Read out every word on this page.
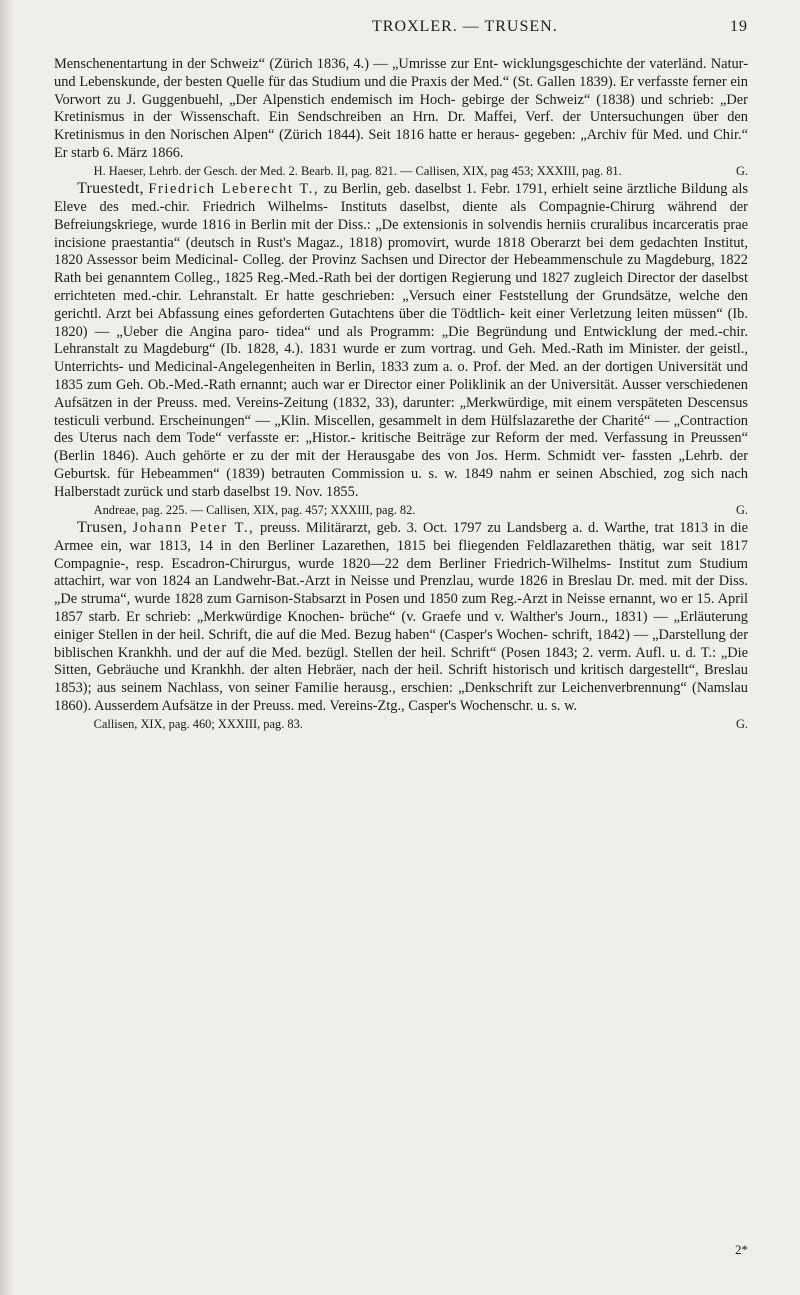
TROXLER. — TRUSEN.	19

Menschenentartung in der Schweiz“ (Zürich 1836, 4.) — „Umrisse zur Ent- wicklungsgeschichte der vaterländ. Natur- und Lebenskunde, der besten Quelle für das Studium und die Praxis der Med.“ (St. Gallen 1839). Er verfasste ferner ein Vorwort zu J. Guggenbuehl, „Der Alpenstich endemisch im Hoch- gebirge der Schweiz“ (1838) und schrieb: „Der Kretinismus in der Wissenschaft. Ein Sendschreiben an Hrn. Dr. Maffei, Verf. der Untersuchungen über den Kretinismus in den Norischen Alpen“ (Zürich 1844). Seit 1816 hatte er heraus- gegeben: „Archiv für Med. und Chir.“ Er starb 6. März 1866.

H. Haeser, Lehrb. der Gesch. der Med. 2. Bearb. II, pag. 821. — Callisen, XIX, pag 453; XXXIII, pag. 81.	G.

Truestedt, Friedrich Leberecht T., zu Berlin, geb. daselbst 1. Febr. 1791, erhielt seine ärztliche Bildung als Eleve des med.-chir. Friedrich Wilhelms- Instituts daselbst, diente als Compagnie-Chirurg während der Befreiungskriege, wurde 1816 in Berlin mit der Diss.: „De extensionis in solvendis herniis cruralibus incarceratis prae incisione praestantia“ (deutsch in Rust's Magaz., 1818) promovirt, wurde 1818 Oberarzt bei dem gedachten Institut, 1820 Assessor beim Medicinal- Colleg. der Provinz Sachsen und Director der Hebeammenschule zu Magdeburg, 1822 Rath bei genanntem Colleg., 1825 Reg.-Med.-Rath bei der dortigen Regierung und 1827 zugleich Director der daselbst errichteten med.-chir. Lehranstalt. Er hatte geschrieben: „Versuch einer Feststellung der Grundsätze, welche den gerichtl. Arzt bei Abfassung eines geforderten Gutachtens über die Tödtlich- keit einer Verletzung leiten müssen“ (Ib. 1820) — „Ueber die Angina paro- tidea“ und als Programm: „Die Begründung und Entwicklung der med.-chir. Lehranstalt zu Magdeburg“ (Ib. 1828, 4.). 1831 wurde er zum vortrag. und Geh. Med.-Rath im Minister. der geistl., Unterrichts- und Medicinal-Angelegenheiten in Berlin, 1833 zum a. o. Prof. der Med. an der dortigen Universität und 1835 zum Geh. Ob.-Med.-Rath ernannt; auch war er Director einer Poliklinik an der Universität. Ausser verschiedenen Aufsätzen in der Preuss. med. Vereins-Zeitung (1832, 33), darunter: „Merkwürdige, mit einem verspäteten Descensus testiculi verbund. Erscheinungen“ — „Klin. Miscellen, gesammelt in dem Hülfslazarethe der Charité“ — „Contraction des Uterus nach dem Tode“ verfasste er: „Histor.- kritische Beiträge zur Reform der med. Verfassung in Preussen“ (Berlin 1846). Auch gehörte er zu der mit der Herausgabe des von Jos. Herm. Schmidt ver- fassten „Lehrb. der Geburtsk. für Hebeammen“ (1839) betrauten Commission u. s. w. 1849 nahm er seinen Abschied, zog sich nach Halberstadt zurück und starb daselbst 19. Nov. 1855.

Andreae, pag. 225. — Callisen, XIX, pag. 457; XXXIII, pag. 82.	G.

Trusen, Johann Peter T., preuss. Militärarzt, geb. 3. Oct. 1797 zu Landsberg a. d. Warthe, trat 1813 in die Armee ein, war 1813, 14 in den Berliner Lazarethen, 1815 bei fliegenden Feldlazarethen thätig, war seit 1817 Compagnie-, resp. Escadron-Chirurgus, wurde 1820—22 dem Berliner Friedrich-Wilhelms- Institut zum Studium attachirt, war von 1824 an Landwehr-Bat.-Arzt in Neisse und Prenzlau, wurde 1826 in Breslau Dr. med. mit der Diss. „De struma“, wurde 1828 zum Garnison-Stabsarzt in Posen und 1850 zum Reg.-Arzt in Neisse ernannt, wo er 15. April 1857 starb. Er schrieb: „Merkwürdige Knochen- brüche“ (v. Graefe und v. Walther's Journ., 1831) — „Erläuterung einiger Stellen in der heil. Schrift, die auf die Med. Bezug haben“ (Casper's Wochen- schrift, 1842) — „Darstellung der biblischen Krankhh. und der auf die Med. bezügl. Stellen der heil. Schrift“ (Posen 1843; 2. verm. Aufl. u. d. T.: „Die Sitten, Gebräuche und Krankhh. der alten Hebräer, nach der heil. Schrift historisch und kritisch dargestellt“, Breslau 1853); aus seinem Nachlass, von seiner Familie herausg., erschien: „Denkschrift zur Leichenverbrennung“ (Namslau 1860). Ausserdem Aufsätze in der Preuss. med. Vereins-Ztg., Casper's Wochenschr. u. s. w.

Callisen, XIX, pag. 460; XXXIII, pag. 83.	G.

2*
